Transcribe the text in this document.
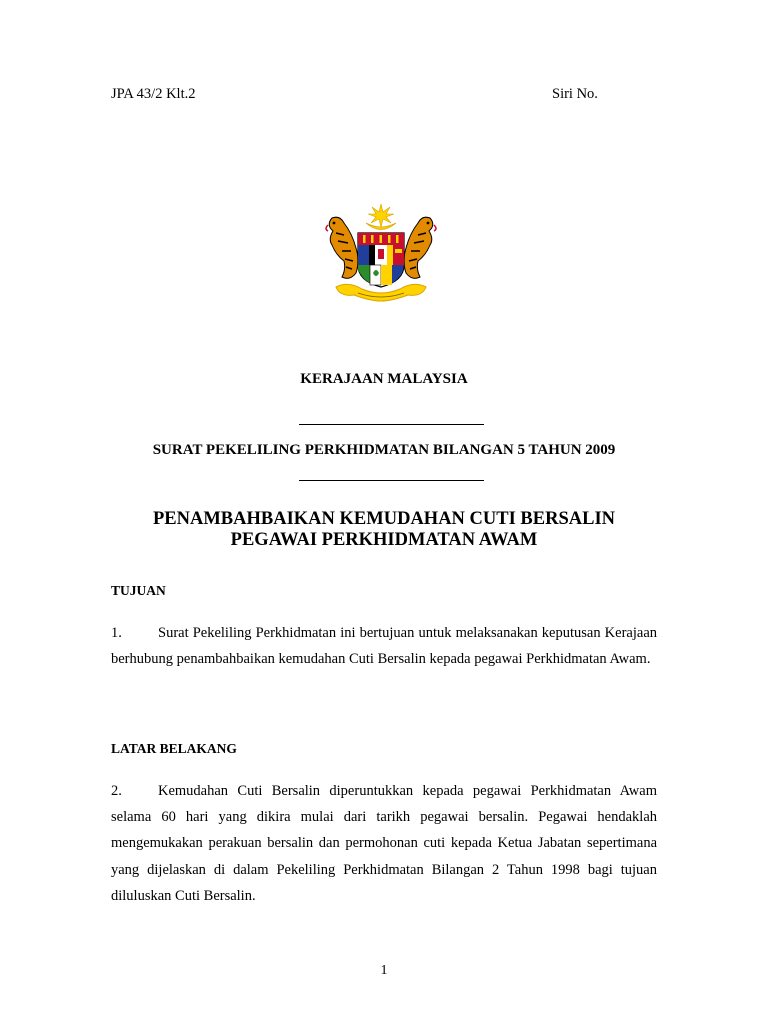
JPA 43/2 Klt.2	Siri No.
KERAJAAN MALAYSIA
SURAT PEKELILING PERKHIDMATAN BILANGAN 5 TAHUN 2009
PENAMBAHBAIKAN KEMUDAHAN CUTI BERSALIN
PEGAWAI PERKHIDMATAN AWAM
TUJUAN
1. Surat Pekeliling Perkhidmatan ini bertujuan untuk melaksanakan keputusan Kerajaan berhubung penambahbaikan kemudahan Cuti Bersalin kepada pegawai Perkhidmatan Awam.
LATAR BELAKANG
2. Kemudahan Cuti Bersalin diperuntukkan kepada pegawai Perkhidmatan Awam selama 60 hari yang dikira mulai dari tarikh pegawai bersalin. Pegawai hendaklah mengemukakan perakuan bersalin dan permohonan cuti kepada Ketua Jabatan sepertimana yang dijelaskan di dalam Pekeliling Perkhidmatan Bilangan 2 Tahun 1998 bagi tujuan diluluskan Cuti Bersalin.
1
